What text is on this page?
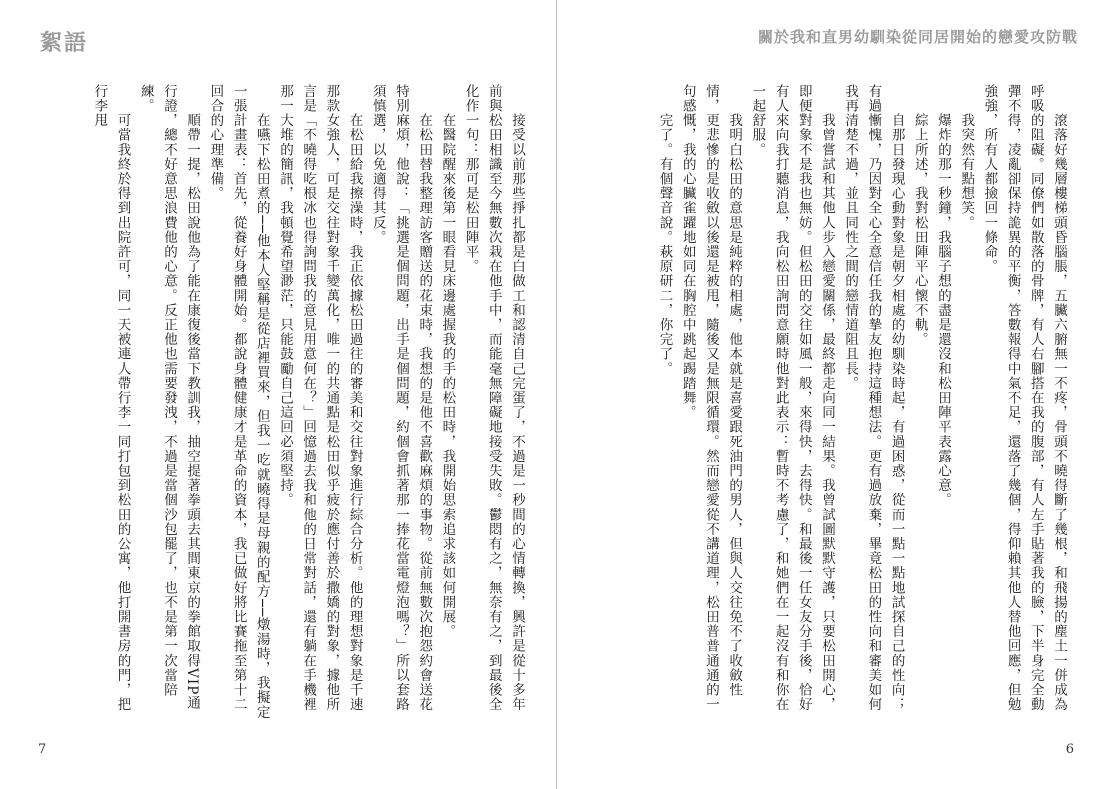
絮語

　　接受以前那些掙扎都是白做工和認清自己完蛋了，不過是一秒間的心情轉換，興許是從十多年前與松田相識至今無數次栽在他手中，而能毫無障礙地接受失敗。鬱悶有之，無奈有之，到最後全化作一句：那可是松田陣平。

　　在醫院醒來後第一眼看見床邊處握我的手的松田時，我開始思索追求該如何開展。

　　在松田替我整理訪客贈送的花束時，我想的是他不喜歡麻煩的事物。從前無數次抱怨約會送花特別麻煩，他說：「挑選是個問題，出手是個問題，約個會抓著那一捧花當電燈泡嗎？」所以套路須慎選，以免適得其反。

　　在松田給我擦澡時，我正依據松田過往的審美和交往對象進行綜合分析。他的理想對象是千速那款女強人，可是交往對象千變萬化，唯一的共通點是松田似乎疲於應付善於撒嬌的對象，據他所言是「不曉得吃根冰也得詢問我的意見用意何在？」回憶過去我和他的日常對話，還有躺在手機裡那一大堆的簡訊，我頓覺希望渺茫，只能鼓勵自己這回必須堅持。

　　在嚥下松田煮的──他本人堅稱是從店裡買來，但我一吃就曉得是母親的配方──燉湯時，我擬定一張計畫表：首先，從養好身體開始。都說身體健康才是革命的資本，我已做好將比賽拖至第十二回合的心理準備。

　　順帶一提，松田說他為了能在康復後當下教訓我，抽空提著拳頭去其間東京的拳館取得VIP通行證，總不好意思浪費他的心意。反正他也需要發洩，不過是當個沙包罷了，也不是第一次當陪練。

　　可當我終於得到出院許可，同一天被連人帶行李一同打包到松田的公寓，他打開書房的門，把行李甩

7
關於我和直男幼馴染從同居開始的戀愛攻防戰
6

　　滾落好幾層樓梯頭昏腦脹，五臟六腑無一不疼，骨頭不曉得斷了幾根，和飛揚的塵土一併成為呼吸的阻礙。同僚們如散落的骨牌，有人右腳搭在我的腹部，有人左手貼著我的臉，下半身完全動彈不得，凌亂卻保持詭異的平衡，答數報得中氣不足，還落了幾個，得仰賴其他人替他回應，但勉強強，所有人都撿回一條命。

　　我突然有點想笑。

　　爆炸的那一秒鐘，我腦子想的盡是還沒和松田陣平表露心意。

　　綜上所述，我對松田陣平心懷不軌。

　　自那日發現心動對象是朝夕相處的幼馴染時起，有過困惑，從而一點一點地試探自己的性向；有過慚愧，乃因對全心全意信任我的摯友抱持這種想法。更有過放棄，畢竟松田的性向和審美如何我再清楚不過，並且同性之間的戀情道阻且長。

　　我曾嘗試和其他人步入戀愛關係，最終都走向同一結果。我曾試圖默默守護，只要松田開心，即便對象不是我也無妨。但松田的交往如風一般，來得快，去得快。和最後一任女友分手後，恰好有人來向我打聽消息，我向松田詢問意願時他對此表示：暫時不考慮了，和她們在一起沒有和你在一起舒服。

　　我明白松田的意思是純粹的相處，他本就是喜愛跟死油門的男人，但與人交往免不了收斂性情，更悲慘的是收斂以後還是被甩，隨後又是無限循環。然而戀愛從不講道理，松田普普通通的一句感慨，我的心臟雀躍地如同在胸腔中跳起踢踏舞。

　　完了。有個聲音說。萩原研二，你完了。
